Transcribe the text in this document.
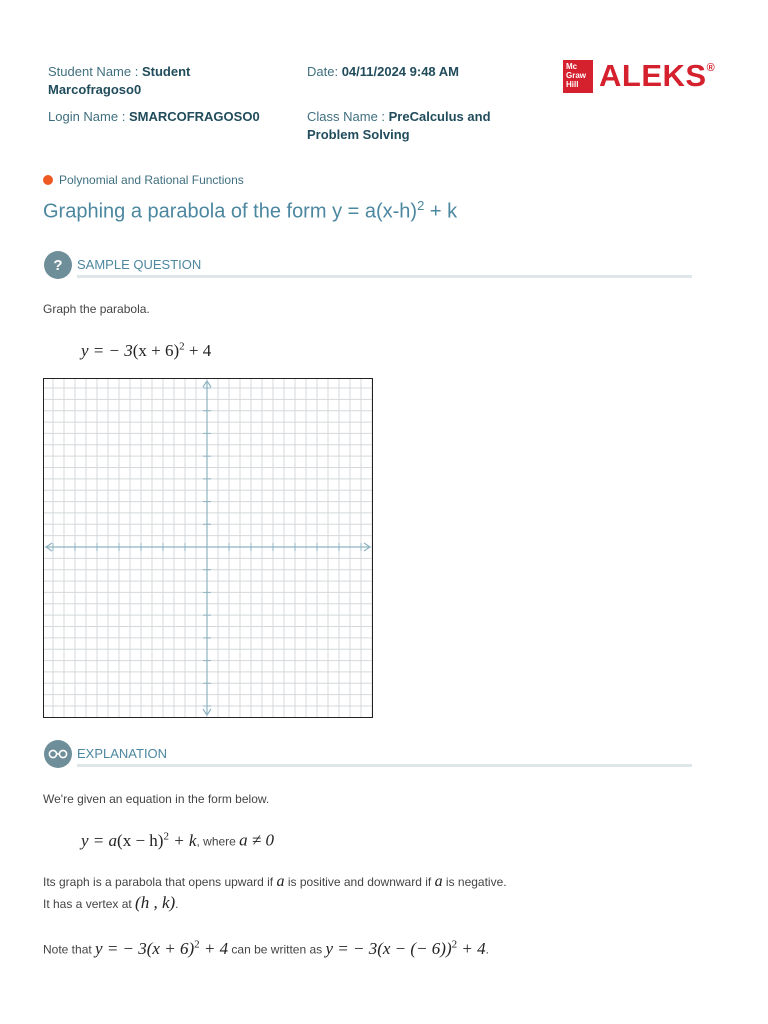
Student Name : Student Marcofragoso0
Date: 04/11/2024 9:48 AM
Login Name : SMARCOFRAGOSO0	Class Name : PreCalculus and Problem Solving
Mc
Graw
Hill ALEKS®
Polynomial and Rational Functions
Graphing a parabola of the form $y = a(x-h)^2 + k$
?	SAMPLE QUESTION
Graph the parabola.
y = − $3(x + 6)^2 + 4$
EXPLANATION
We're given an equation in the form below.
$y = a(x - h)^2 + k$, where a ≠ 0
Its graph is a parabola that opens upward if a is positive and downward if a is negative.
It has a vertex at (h , k).
Note that y = − $3(x + 6)^2 + 4$ can be written as y = − 3(x − (− 6))$^2$ + 4.
